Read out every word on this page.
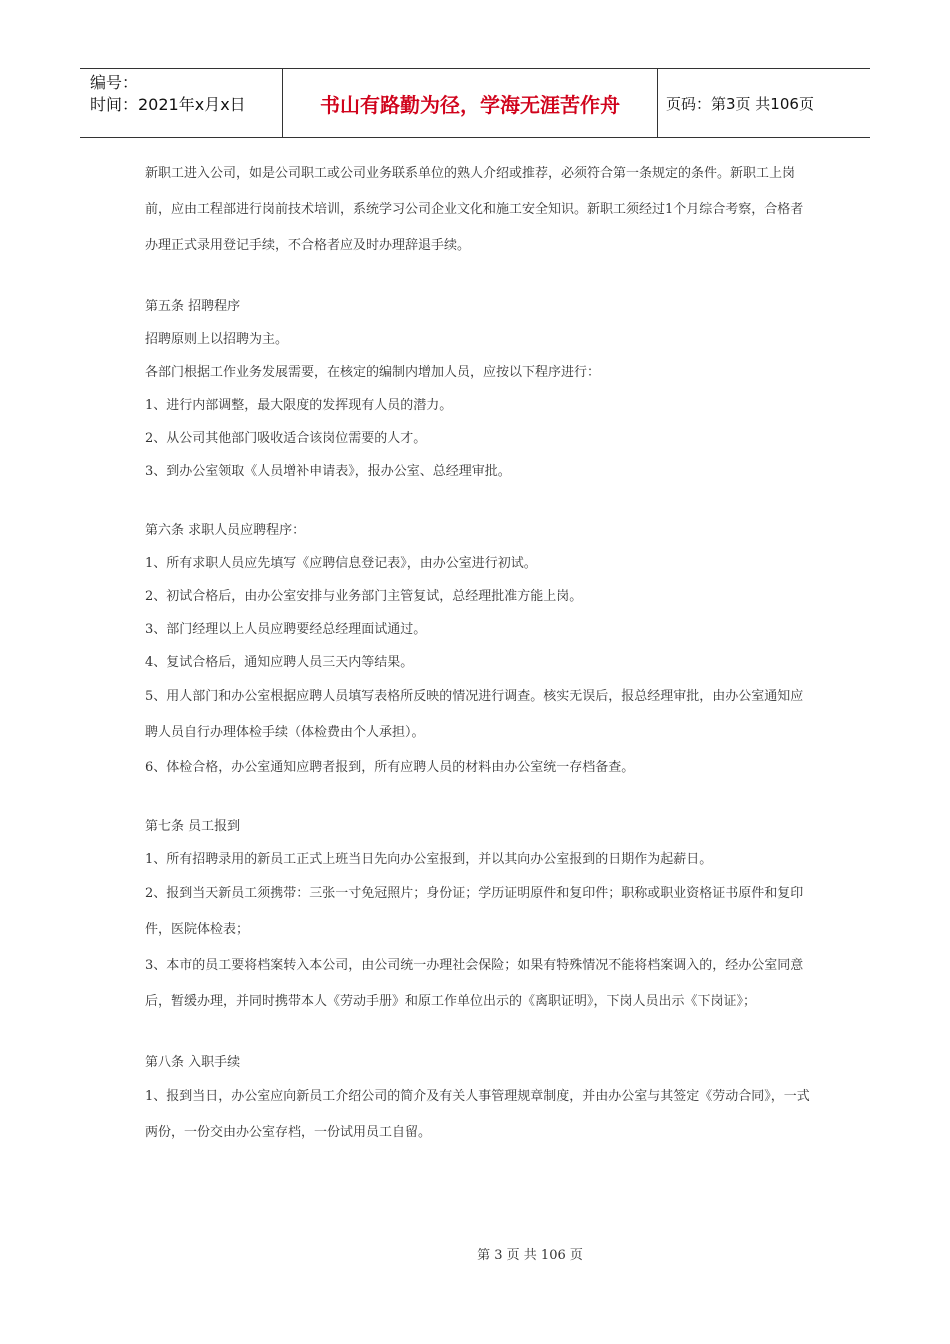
编号：
时间：2021年x月x日	书山有路勤为径，学海无涯苦作舟	页码：第3页 共106页

新职工进入公司，如是公司职工或公司业务联系单位的熟人介绍或推荐，必须符合第一条规定的条件。新职工上岗前，应由工程部进行岗前技术培训，系统学习公司企业文化和施工安全知识。新职工须经过1个月综合考察，合格者办理正式录用登记手续，不合格者应及时办理辞退手续。

第五条 招聘程序

招聘原则上以招聘为主。

各部门根据工作业务发展需要，在核定的编制内增加人员，应按以下程序进行：

1、进行内部调整，最大限度的发挥现有人员的潜力。

2、从公司其他部门吸收适合该岗位需要的人才。

3、到办公室领取《人员增补申请表》，报办公室、总经理审批。

第六条 求职人员应聘程序：

1、所有求职人员应先填写《应聘信息登记表》，由办公室进行初试。

2、初试合格后，由办公室安排与业务部门主管复试，总经理批准方能上岗。

3、部门经理以上人员应聘要经总经理面试通过。

4、复试合格后，通知应聘人员三天内等结果。

5、用人部门和办公室根据应聘人员填写表格所反映的情况进行调查。核实无误后，报总经理审批，由办公室通知应聘人员自行办理体检手续（体检费由个人承担）。

6、体检合格，办公室通知应聘者报到，所有应聘人员的材料由办公室统一存档备查。

第七条 员工报到

1、所有招聘录用的新员工正式上班当日先向办公室报到，并以其向办公室报到的日期作为起薪日。

2、报到当天新员工须携带：三张一寸免冠照片；身份证；学历证明原件和复印件；职称或职业资格证书原件和复印件，医院体检表；

3、本市的员工要将档案转入本公司，由公司统一办理社会保险；如果有特殊情况不能将档案调入的，经办公室同意后，暂缓办理，并同时携带本人《劳动手册》和原工作单位出示的《离职证明》，下岗人员出示《下岗证》；

第八条 入职手续

1、报到当日，办公室应向新员工介绍公司的简介及有关人事管理规章制度，并由办公室与其签定《劳动合同》，一式两份，一份交由办公室存档，一份试用员工自留。

第 3 页 共 106 页
